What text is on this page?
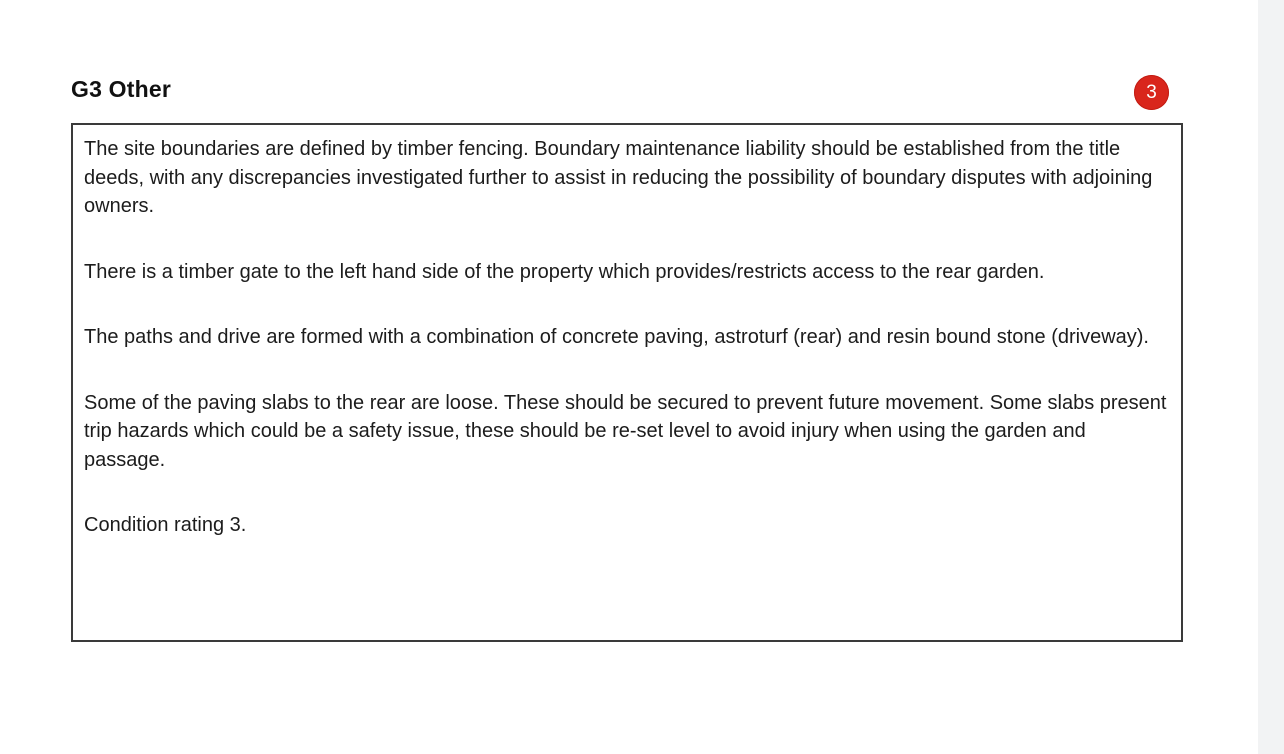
G3 Other	3

The site boundaries are defined by timber fencing. Boundary maintenance liability should be established from the title deeds, with any discrepancies investigated further to assist in reducing the possibility of boundary disputes with adjoining owners.

There is a timber gate to the left hand side of the property which provides/restricts access to the rear garden.

The paths and drive are formed with a combination of concrete paving, astroturf (rear) and resin bound stone (driveway).

Some of the paving slabs to the rear are loose. These should be secured to prevent future movement. Some slabs present trip hazards which could be a safety issue, these should be re-set level to avoid injury when using the garden and passage.

Condition rating 3.
